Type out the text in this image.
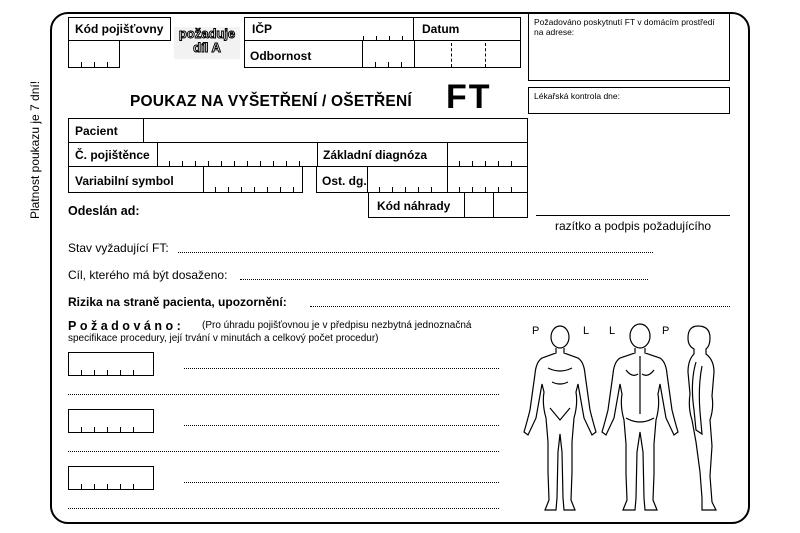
Platnost poukazu je 7 dní!
Kód pojišťovny	požaduje
díl A
IČP	Datum
Odbornost
Požadováno poskytnutí FT v domácím prostředí na adrese:
POUKAZ NA VYŠETŘENÍ / OŠETŘENÍ FT	Lékařská kontrola dne:
Pacient
Č. pojištěnce	Základní diagnóza
Variabilní symbol	Ost. dg.
Kód náhrady
Odeslán ad:
razítko a podpis požadujícího
Stav vyžadující FT:
Cíl, kterého má být dosaženo:
Rizika na straně pacienta, upozornění:
Požadováno: (Pro úhradu pojišťovnou je v předpisu nezbytná jednoznačná
specifikace procedury, její trvání v minutách a celkový počet procedur)
P	L L	P
